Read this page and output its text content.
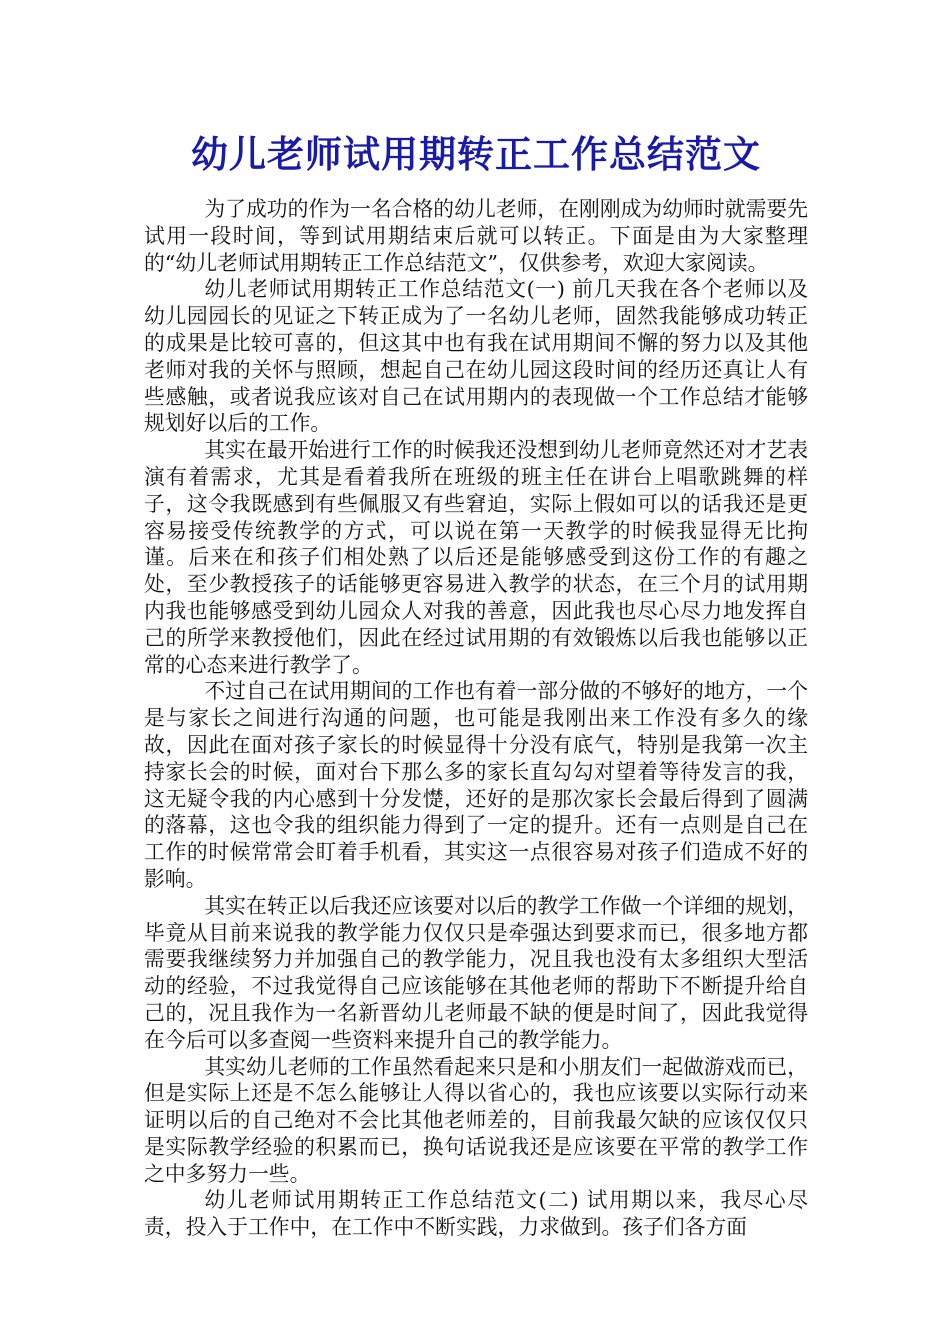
幼儿老师试用期转正工作总结范文

为了成功的作为一名合格的幼儿老师，在刚刚成为幼师时就需要先试用一段时间，等到试用期结束后就可以转正。下面是由为大家整理的“幼儿老师试用期转正工作总结范文”，仅供参考，欢迎大家阅读。

幼儿老师试用期转正工作总结范文(一) 前几天我在各个老师以及幼儿园园长的见证之下转正成为了一名幼儿老师，固然我能够成功转正的成果是比较可喜的，但这其中也有我在试用期间不懈的努力以及其他老师对我的关怀与照顾，想起自己在幼儿园这段时间的经历还真让人有些感触，或者说我应该对自己在试用期内的表现做一个工作总结才能够规划好以后的工作。

其实在最开始进行工作的时候我还没想到幼儿老师竟然还对才艺表演有着需求，尤其是看着我所在班级的班主任在讲台上唱歌跳舞的样子，这令我既感到有些佩服又有些窘迫，实际上假如可以的话我还是更容易接受传统教学的方式，可以说在第一天教学的时候我显得无比拘谨。后来在和孩子们相处熟了以后还是能够感受到这份工作的有趣之处，至少教授孩子的话能够更容易进入教学的状态，在三个月的试用期内我也能够感受到幼儿园众人对我的善意，因此我也尽心尽力地发挥自己的所学来教授他们，因此在经过试用期的有效锻炼以后我也能够以正常的心态来进行教学了。

不过自己在试用期间的工作也有着一部分做的不够好的地方，一个是与家长之间进行沟通的问题，也可能是我刚出来工作没有多久的缘故，因此在面对孩子家长的时候显得十分没有底气，特别是我第一次主持家长会的时候，面对台下那么多的家长直勾勾对望着等待发言的我，这无疑令我的内心感到十分发憷，还好的是那次家长会最后得到了圆满的落幕，这也令我的组织能力得到了一定的提升。还有一点则是自己在工作的时候常常会盯着手机看，其实这一点很容易对孩子们造成不好的影响。

其实在转正以后我还应该要对以后的教学工作做一个详细的规划，毕竟从目前来说我的教学能力仅仅只是牵强达到要求而已，很多地方都需要我继续努力并加强自己的教学能力，况且我也没有太多组织大型活动的经验，不过我觉得自己应该能够在其他老师的帮助下不断提升给自己的，况且我作为一名新晋幼儿老师最不缺的便是时间了，因此我觉得在今后可以多查阅一些资料来提升自己的教学能力。

其实幼儿老师的工作虽然看起来只是和小朋友们一起做游戏而已，但是实际上还是不怎么能够让人得以省心的，我也应该要以实际行动来证明以后的自己绝对不会比其他老师差的，目前我最欠缺的应该仅仅只是实际教学经验的积累而已，换句话说我还是应该要在平常的教学工作之中多努力一些。

幼儿老师试用期转正工作总结范文(二) 试用期以来，我尽心尽责，投入于工作中，在工作中不断实践，力求做到。孩子们各方面
